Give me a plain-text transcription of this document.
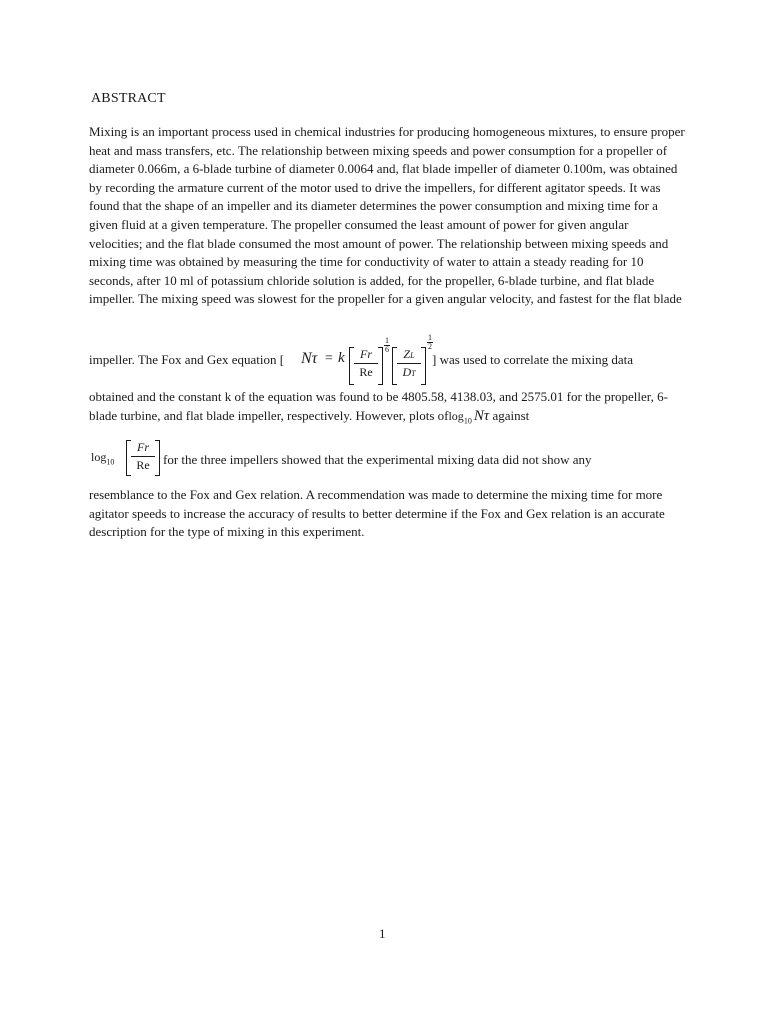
ABSTRACT
Mixing is an important process used in chemical industries for producing homogeneous mixtures, to ensure proper heat and mass transfers, etc. The relationship between mixing speeds and power consumption for a propeller of diameter 0.066m, a 6-blade turbine of diameter 0.0064 and, flat blade impeller of diameter 0.100m, was obtained by recording the armature current of the motor used to drive the impellers, for different agitator speeds. It was found that the shape of an impeller and its diameter determines the power consumption and mixing time for a given fluid at a given temperature. The propeller consumed the least amount of power for given angular velocities; and the flat blade consumed the most amount of power. The relationship between mixing speeds and mixing time was obtained by measuring the time for conductivity of water to attain a steady reading for 10 seconds, after 10 ml of potassium chloride solution is added, for the propeller, 6-blade turbine, and flat blade impeller. The mixing speed was slowest for the propeller for a given angular velocity, and fastest for the flat blade
impeller. The Fox and Gex equation [ Nτ = k $\frac{Fr}{Re}$
1
$6 \frac{ZL}{DT}$
1
2
] was used to correlate the mixing data
obtained and the constant k of the equation was found to be 4805.58, 4138.03, and 2575.01 for the propeller, 6-blade turbine, and flat blade impeller, respectively. However, plots oflog$_{10}$ Nτ against
$\log_{10} \frac{Fr}{Re}$ for the three impellers showed that the experimental mixing data did not show any
resemblance to the Fox and Gex relation. A recommendation was made to determine the mixing time for more agitator speeds to increase the accuracy of results to better determine if the Fox and Gex relation is an accurate description for the type of mixing in this experiment.
1
